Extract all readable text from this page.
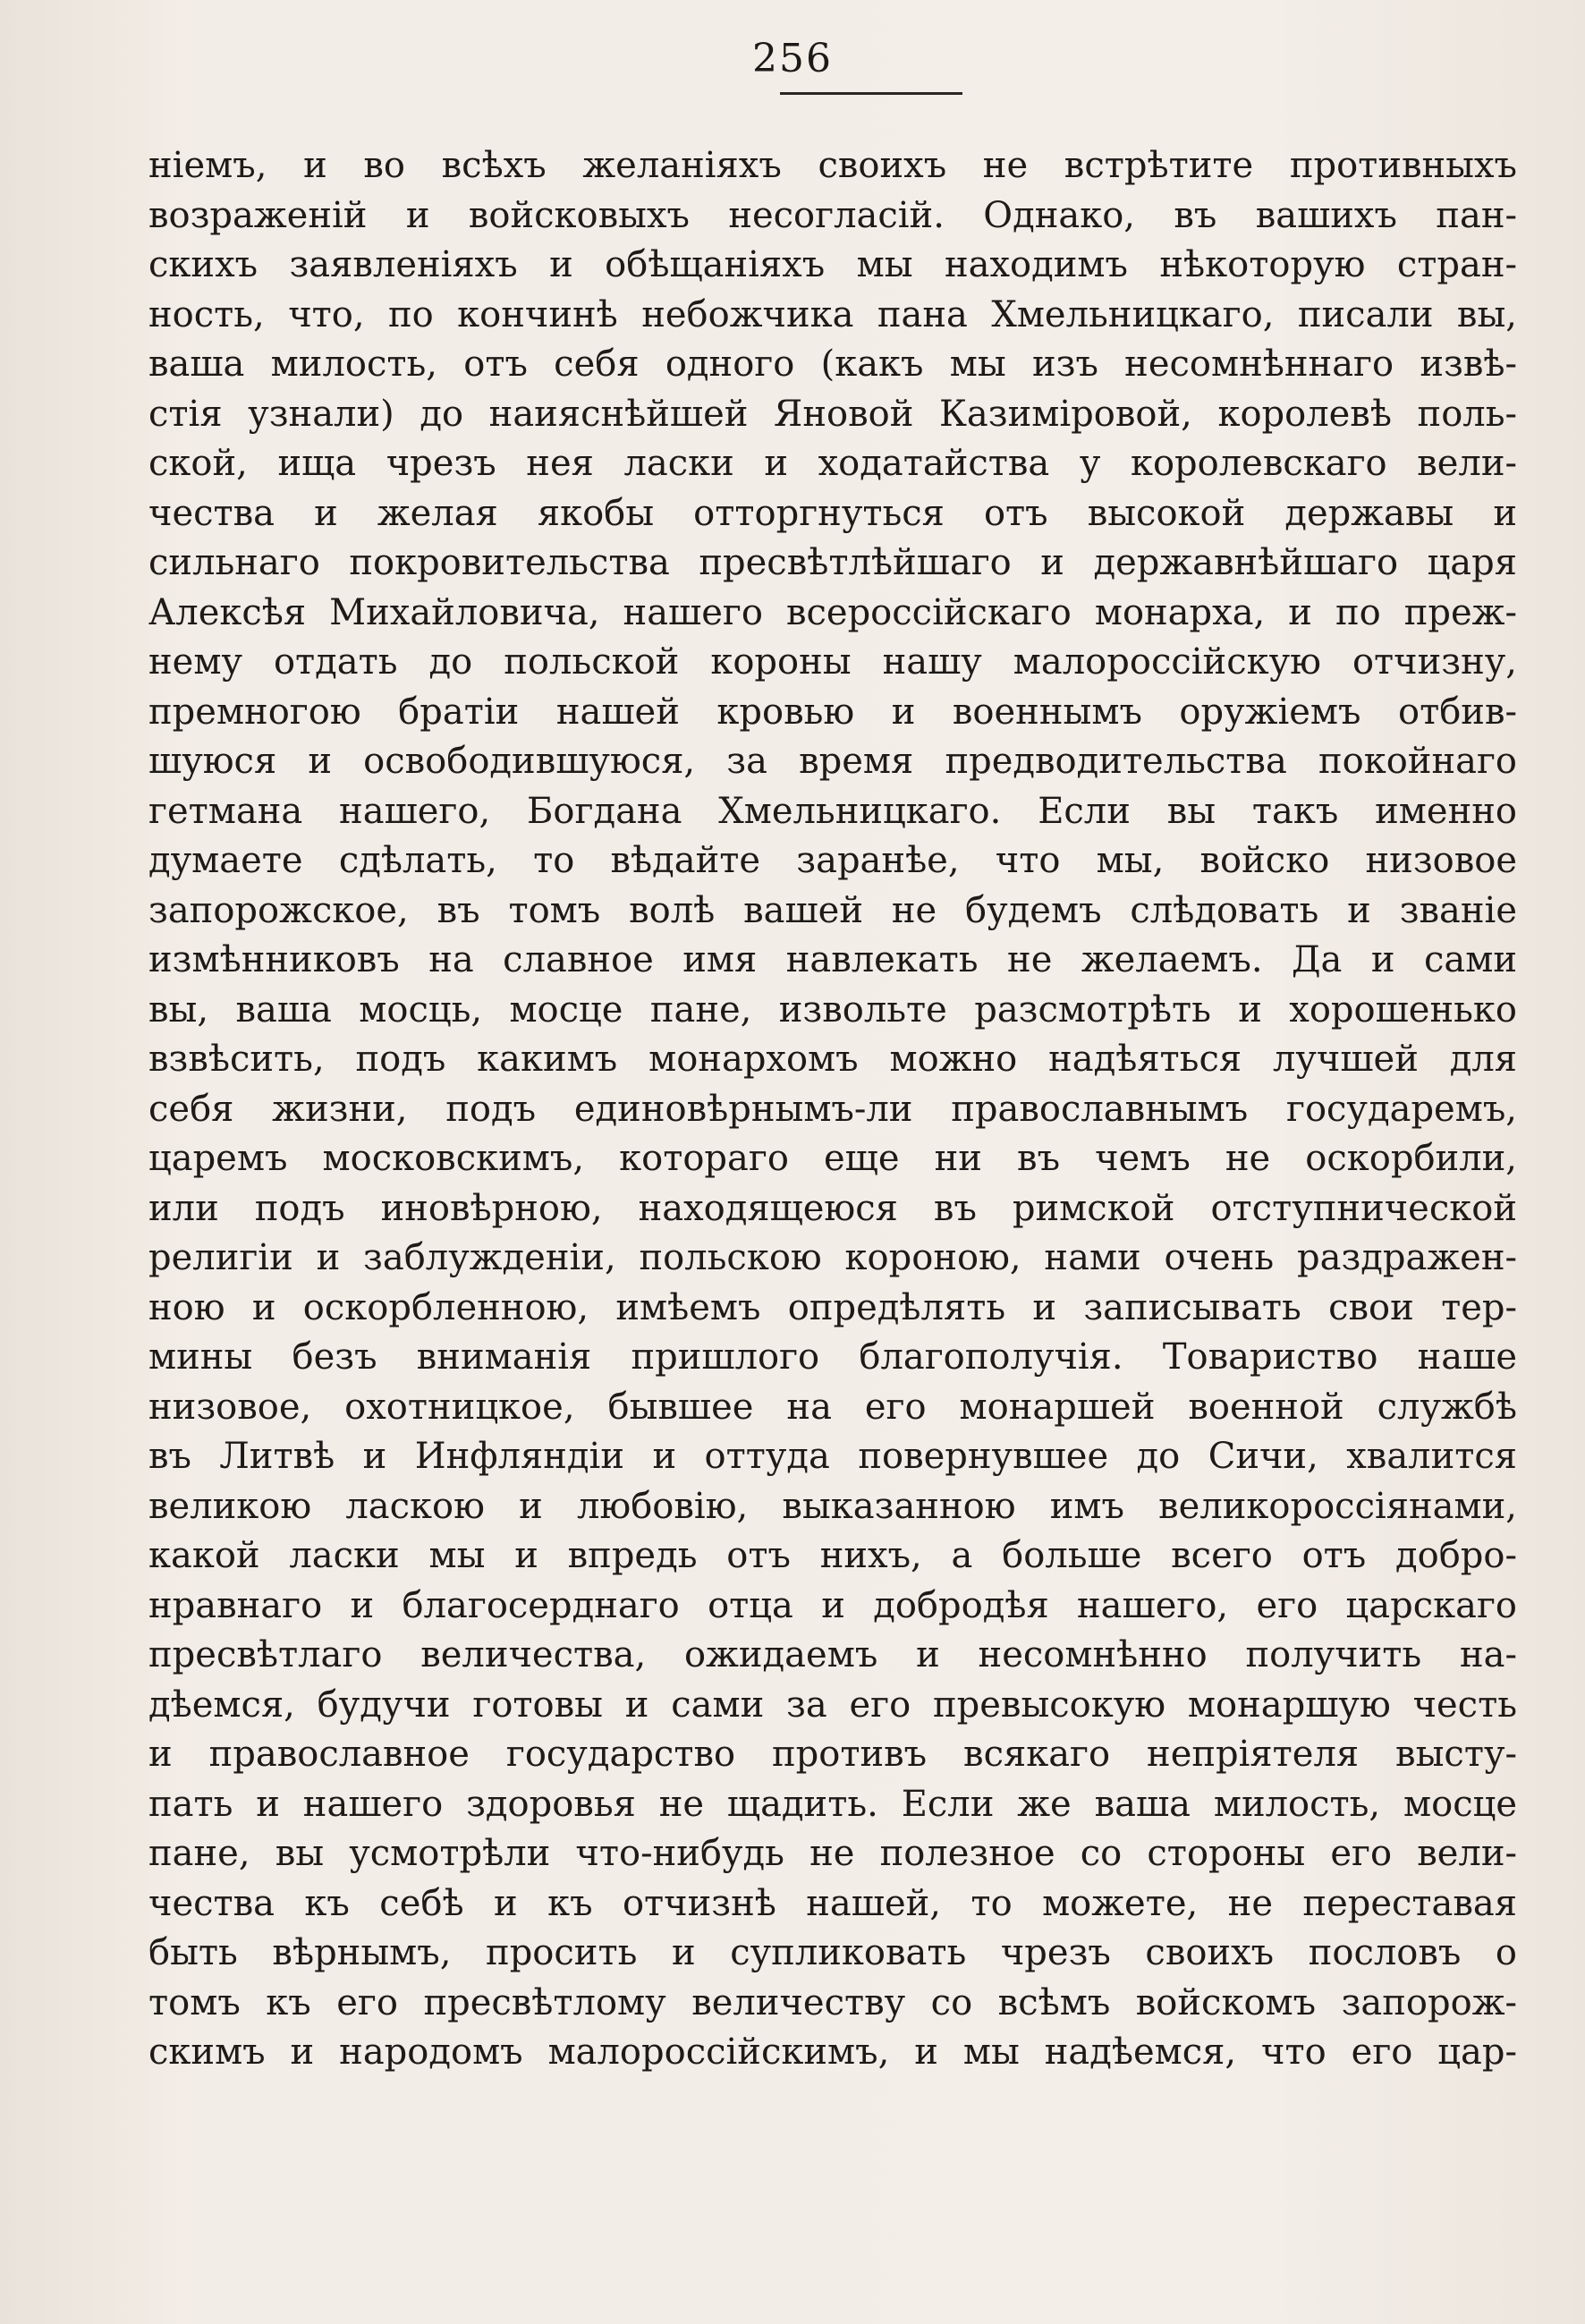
256
ніемъ, и во всѣхъ желаніяхъ своихъ не встрѣтите противныхъ
возраженій и войсковыхъ несогласій. Однако, въ вашихъ пан-
скихъ заявленіяхъ и обѣщаніяхъ мы находимъ нѣкоторую стран-
ность, что, по кончинѣ небожчика пана Хмельницкаго, писали вы,
ваша милость, отъ себя одного (какъ мы изъ несомнѣннаго извѣ-
стія узнали) до наияснѣйшей Яновой Казиміровой, королевѣ поль-
ской, ища чрезъ нея ласки и ходатайства у королевскаго вели-
чества и желая якобы отторгнуться отъ высокой державы и
сильнаго покровительства пресвѣтлѣйшаго и державнѣйшаго царя
Алексѣя Михайловича, нашего всероссійскаго монарха, и по преж-
нему отдать до польской короны нашу малороссійскую отчизну,
премногою братіи нашей кровью и военнымъ оружіемъ отбив-
шуюся и освободившуюся, за время предводительства покойнаго
гетмана нашего, Богдана Хмельницкаго. Если вы такъ именно
думаете сдѣлать, то вѣдайте заранѣе, что мы, войско низовое
запорожское, въ томъ волѣ вашей не будемъ слѣдовать и званіе
измѣнниковъ на славное имя навлекать не желаемъ. Да и сами
вы, ваша мосць, мосце пане, извольте разсмотрѣть и хорошенько
взвѣсить, подъ какимъ монархомъ можно надѣяться лучшей для
себя жизни, подъ единовѣрнымъ-ли православнымъ государемъ,
царемъ московскимъ, котораго еще ни въ чемъ не оскорбили,
или подъ иновѣрною, находящеюся въ римской отступнической
религіи и заблужденіи, польскою короною, нами очень раздражен-
ною и оскорбленною, имѣемъ опредѣлять и записывать свои тер-
мины безъ вниманія пришлого благополучія. Товариство наше
низовое, охотницкое, бывшее на его монаршей военной службѣ
въ Литвѣ и Инфляндіи и оттуда повернувшее до Сичи, хвалится
великою ласкою и любовію, выказанною имъ великороссіянами,
какой ласки мы и впредь отъ нихъ, а больше всего отъ добро-
нравнаго и благосерднаго отца и добродѣя нашего, его царскаго
пресвѣтлаго величества, ожидаемъ и несомнѣнно получить на-
дѣемся, будучи готовы и сами за его превысокую монаршую честь
и православное государство противъ всякаго непріятеля высту-
пать и нашего здоровья не щадить. Если же ваша милость, мосце
пане, вы усмотрѣли что-нибудь не полезное со стороны его вели-
чества къ себѣ и къ отчизнѣ нашей, то можете, не переставая
быть вѣрнымъ, просить и супликовать чрезъ своихъ пословъ о
томъ къ его пресвѣтлому величеству со всѣмъ войскомъ запорож-
скимъ и народомъ малороссійскимъ, и мы надѣемся, что его цар-
